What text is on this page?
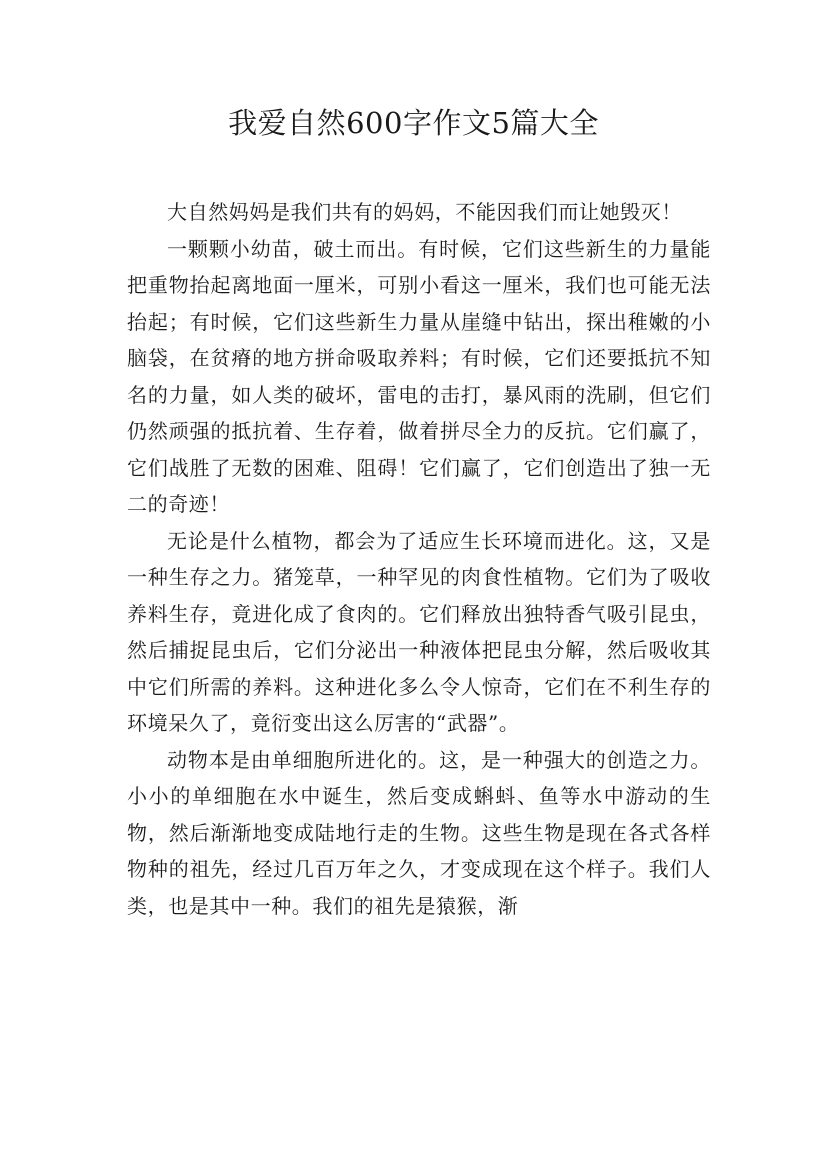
我爱自然600字作文5篇大全

大自然妈妈是我们共有的妈妈，不能因我们而让她毁灭！

一颗颗小幼苗，破土而出。有时候，它们这些新生的力量能把重物抬起离地面一厘米，可别小看这一厘米，我们也可能无法抬起；有时候，它们这些新生力量从崖缝中钻出，探出稚嫩的小脑袋，在贫瘠的地方拼命吸取养料；有时候，它们还要抵抗不知名的力量，如人类的破坏，雷电的击打，暴风雨的洗刷，但它们仍然顽强的抵抗着、生存着，做着拼尽全力的反抗。它们赢了，它们战胜了无数的困难、阻碍！它们赢了，它们创造出了独一无二的奇迹！

无论是什么植物，都会为了适应生长环境而进化。这，又是一种生存之力。猪笼草，一种罕见的肉食性植物。它们为了吸收养料生存，竟进化成了食肉的。它们释放出独特香气吸引昆虫，然后捕捉昆虫后，它们分泌出一种液体把昆虫分解，然后吸收其中它们所需的养料。这种进化多么令人惊奇，它们在不利生存的环境呆久了，竟衍变出这么厉害的“武器”。

动物本是由单细胞所进化的。这，是一种强大的创造之力。小小的单细胞在水中诞生，然后变成蝌蚪、鱼等水中游动的生物，然后渐渐地变成陆地行走的生物。这些生物是现在各式各样物种的祖先，经过几百万年之久，才变成现在这个样子。我们人类，也是其中一种。我们的祖先是猿猴，渐
